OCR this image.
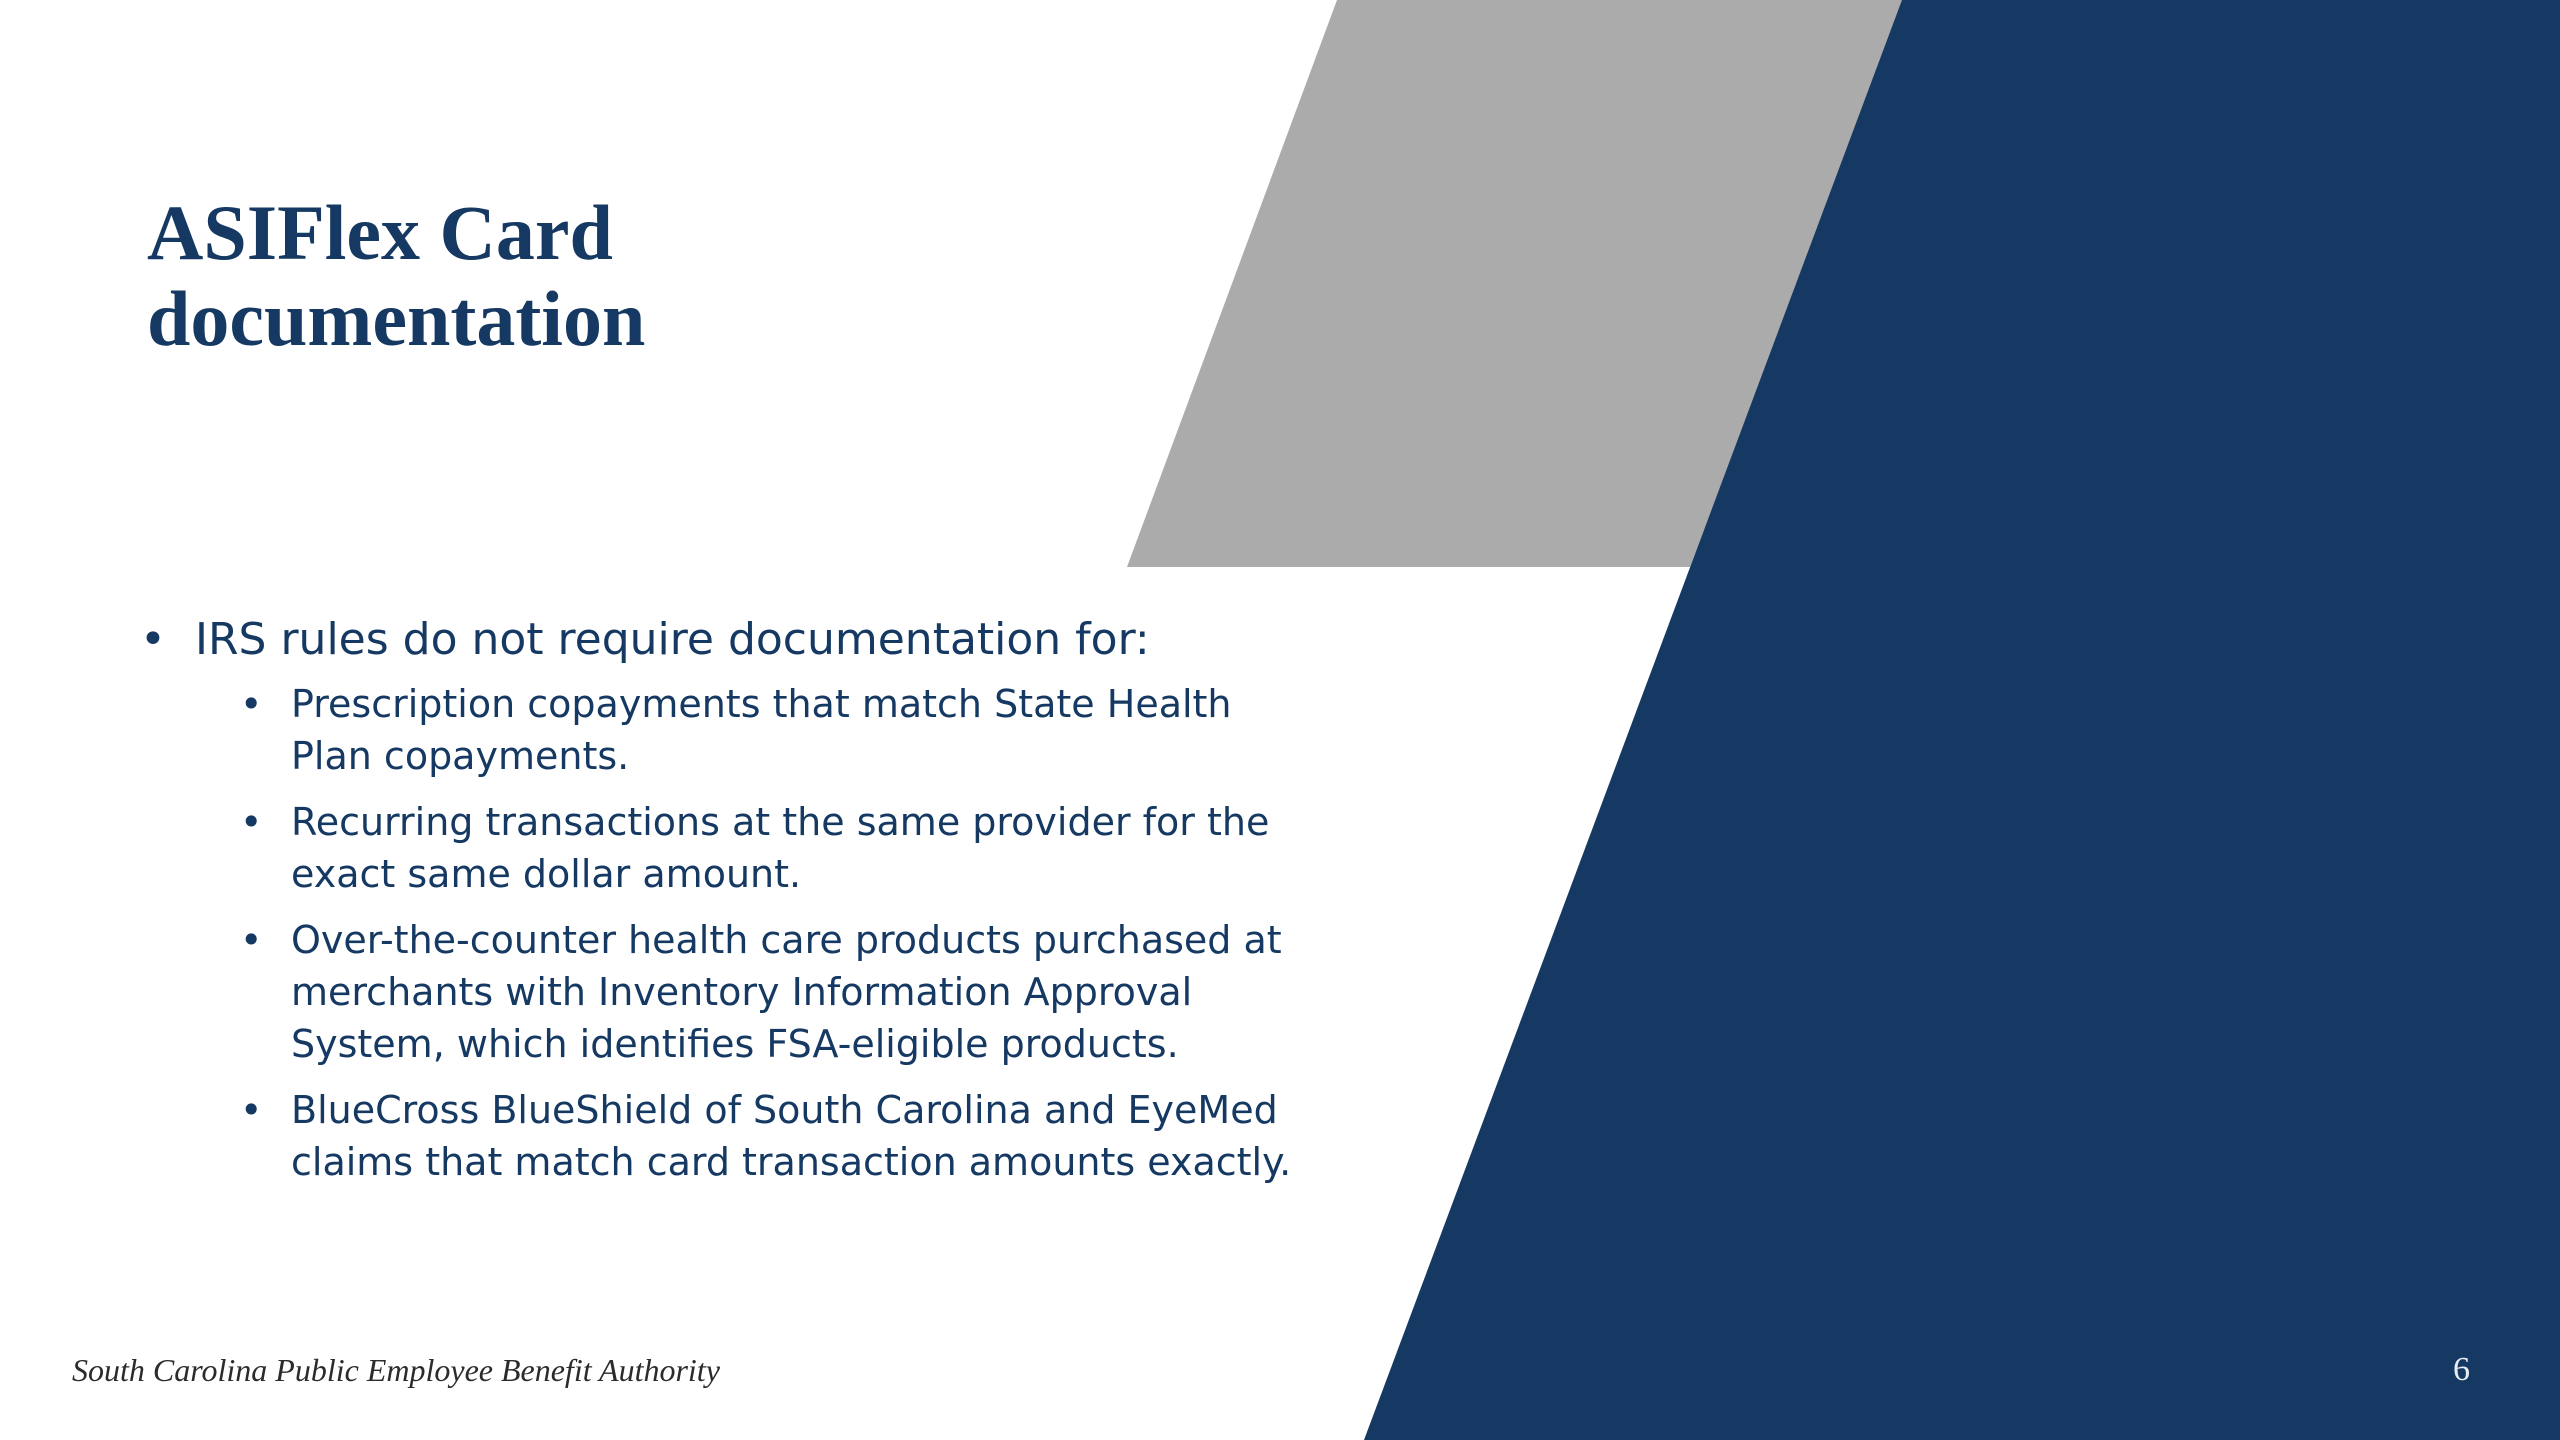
ASIFlex Card
documentation
• IRS rules do not require documentation for:
• Prescription copayments that match State Health
Plan copayments.
• Recurring transactions at the same provider for the
exact same dollar amount.
• Over-the-counter health care products purchased at
merchants with Inventory Information Approval
System, which identifies FSA-eligible products.
• BlueCross BlueShield of South Carolina and EyeMed
claims that match card transaction amounts exactly.
South Carolina Public Employee Benefit Authority	6
